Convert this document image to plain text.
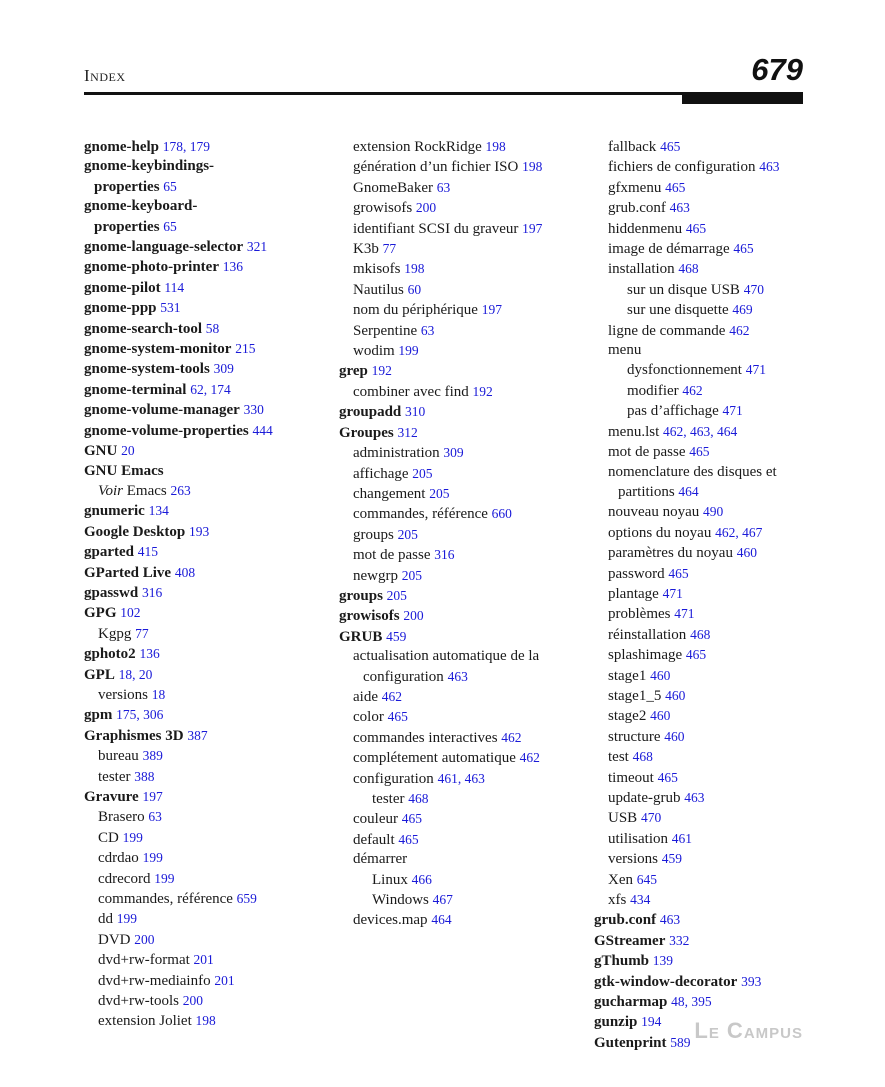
Index	679

gnome-help 178, 179

gnome-keybindings-

properties 65

gnome-keyboard-

properties 65

gnome-language-selector 321

gnome-photo-printer 136

gnome-pilot 114

gnome-ppp 531

gnome-search-tool 58

gnome-system-monitor 215

gnome-system-tools 309

gnome-terminal 62, 174

gnome-volume-manager 330

gnome-volume-properties 444

GNU 20

GNU Emacs

Voir Emacs 263

gnumeric 134

Google Desktop 193

gparted 415

GParted Live 408

gpasswd 316

GPG 102

Kgpg 77

gphoto2 136

GPL 18, 20

versions 18

gpm 175, 306

Graphismes 3D 387

bureau 389

tester 388

Gravure 197

Brasero 63

CD 199

cdrdao 199

cdrecord 199

commandes, référence 659

dd 199

DVD 200

dvd+rw-format 201

dvd+rw-mediainfo 201

dvd+rw-tools 200

extension Joliet 198

extension RockRidge 198

génération d’un fichier ISO 198

GnomeBaker 63

growisofs 200

identifiant SCSI du graveur 197

K3b 77

mkisofs 198

Nautilus 60

nom du périphérique 197

Serpentine 63

wodim 199

grep 192

combiner avec find 192

groupadd 310

Groupes 312

administration 309

affichage 205

changement 205

commandes, référence 660

groups 205

mot de passe 316

newgrp 205

groups 205

growisofs 200

GRUB 459

actualisation automatique de la configuration 463

aide 462

color 465

commandes interactives 462

complétement automatique 462

configuration 461, 463

tester 468

couleur 465

default 465

démarrer

Linux 466

Windows 467

devices.map 464

fallback 465

fichiers de configuration 463

gfxmenu 465

grub.conf 463

hiddenmenu 465

image de démarrage 465

installation 468

sur un disque USB 470

sur une disquette 469

ligne de commande 462

menu

dysfonctionnement 471

modifier 462

pas d’affichage 471

menu.lst 462, 463, 464

mot de passe 465

nomenclature des disques et partitions 464

nouveau noyau 490

options du noyau 462, 467

paramètres du noyau 460

password 465

plantage 471

problèmes 471

réinstallation 468

splashimage 465

stage1 460

stage1_5 460

stage2 460

structure 460

test 468

timeout 465

update-grub 463

USB 470

utilisation 461

versions 459

Xen 645

xfs 434

grub.conf 463

GStreamer 332

gThumb 139

gtk-window-decorator 393

gucharmap 48, 395

gunzip 194

Gutenprint 589 Le Campus
